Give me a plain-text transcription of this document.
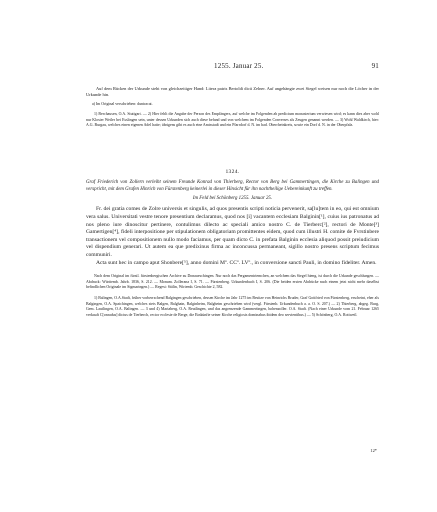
1255. Januar 25.	91

Auf dem Rücken der Urkunde steht von gleichzeitiger Hand: Litera patris Bertoldi dicti Zelner. Auf angehängte zwei Siegel weisen nur noch die Löcher in der Urkunde hin.

a) Im Original verschrieben: duntracat.

1) Berchausen, O.A. Stuttgart. — 2) Hier fehlt die Angabe der Person des Empfängers, auf welche im Folgenden ab predictum monasterium verwiesen wird; es kann dies aber wohl nur Kloster Weiler bei Esslingen sein, unter dessen Urkunden sich auch diese befand und von welchem im Folgenden Converses als Zeugen genannt werden. — 3) Wohl Waldkirch, hier: A.G. Burgau, welches einen eigenen Adel hatte; übrigens gibt es auch eine Amtsstadt und ein Pfarrdorf d. N. im bad. Oberrheinkreis, sowie ein Dorf d. N. in der Oberpfalz.

1324.

Graf Friederich von Zollern verleiht seinem Freunde Konrad von Thierberg, Rector von Berg bei Gammertingen, die Kirche zu Balingen und verspricht, mit dem Grafen Hinrich von Fürstenberg keinerlei in dieser Hinsicht für ihn nachtheilige Uebereinkunft zu treffen.

Im Feld bei Schönberg 1255. Januar 25.

Fr. dei gratia comes de Zolre universis et singulis, ad quos presentis scripti noticia pervenerit, sa[lu]tem in eo, qui est omnium vera salus. Universitati vestre tenore presentium declaramus, quod nos [i] vacantem ecclesiam Balginin[¹], cuius ius patronatus ad nos pleno iure dinoscitur pertinere, contulimus dilecto ac speciali amico nostro C. de Tierberc[²], rectori de Monte[³] Gamertigen[⁴], fideli interpositione per stipulationem obligatoriam promittentes eidem, quod cum illustri H. comite de Fvrstinbere transactionem vel compositionem nullo modo faciamus, per quam dicto C. in prefata Balginin ecclesia aliquod possit preiudicium vel dispendium generari. Ut autem ea que predixinus firma ac inconcussa permaneant, sigillo nostro presens scriptum fecimus communiri.

Acta sunt hec in campo aput Shonbere[⁵], anno domini Mº. CCº. LVº., in conversione sancti Pauli, in domino fideliter. Amen.

Nach dem Original im fürstl. fürstenbergischen Archive zu Donaueschingen. Nur noch das Pergamentriemchen, an welchem das Siegel hieng, ist durch die Urkunde geschlungen. — Abdruck: Württemb. Jahrb. 1836, S. 212. — Monum. Zollerana I, S. 71. — Fürstenberg. Urkundenbuch I, S. 206. (Die beiden ersten Abdrücke nach einem jetzt nicht mehr daselbst befindlichen Originale im Sigmaringen.) — Regest: Stälin, Wirtemb. Geschichte 2, 582.

1) Balingen, O.A.Stadt, früher vorherrschend Balgingen geschrieben, dessen Kirche im Jahr 1275 im Besitze von Heinrichs Bruder, Graf Gottfried von Fürstenberg, erscheint, eher als Balgingen, O.A. Spaichingen, welches stets Balgen, Balghain, Balginheim, Balgheim geschrieben wird (vergl. Fürstenb. Urkundenbuch a. a. O. S. 207.) — 2) Thierberg, abgeg. Burg, Gem. Lautlingen, O.A. Balingen. — 3 und 4) Mariaberg, O.A. Reutlingen, und das angrenzende Gammertingen, hohenzoller. O.A. Stadt. (Nach einer Urkunde vom 21. Februar 1265 verkauft C[onradus] dictus de Tierberch, rector ecclesie de Berge, die Einkünfte seiner Kirche religiosis dominabus ibidem deo servientibus.) — 5) Schönberg, O.A. Rottweil.

12*
